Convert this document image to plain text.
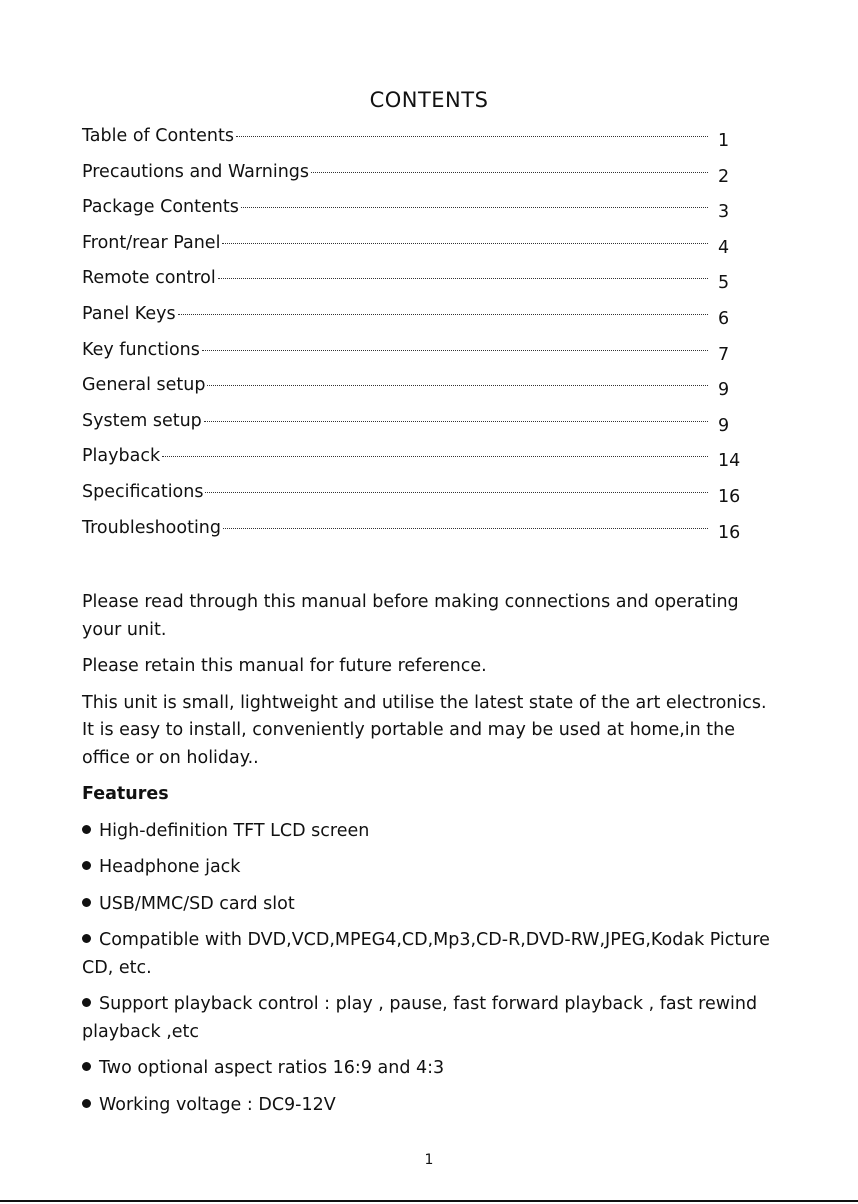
CONTENTS
Table of Contents	1
Precautions and Warnings	2
Package Contents	3
Front/rear Panel	4
Remote control	5
Panel Keys	6
Key functions	7
General setup	9
System setup	9
Playback	14
Specifications	16
Troubleshooting	16

Please read through this manual before making connections and operating your unit.

Please retain this manual for future reference.

This unit is small, lightweight and utilise the latest state of the art electronics. It is easy to install, conveniently portable and may be used at home,in the office or on holiday..

Features

High-definition TFT LCD screen

Headphone jack

USB/MMC/SD card slot

Compatible with DVD,VCD,MPEG4,CD,Mp3,CD-R,DVD-RW,JPEG,Kodak Picture CD, etc.

Support playback control : play , pause, fast forward playback , fast rewind playback ,etc

Two optional aspect ratios 16:9 and 4:3

Working voltage : DC9-12V

1
